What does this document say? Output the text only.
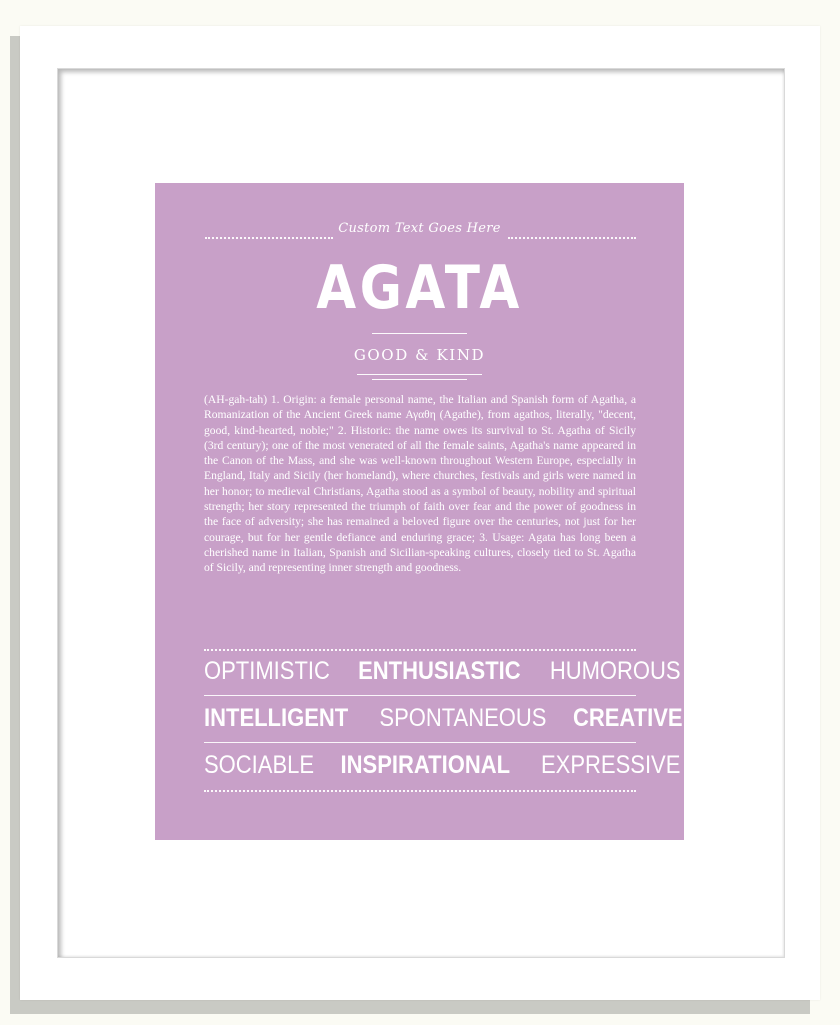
Custom Text Goes Here
AGATA
GOOD & KIND

(AH-gah-tah) 1. Origin: a female personal name, the Italian and Spanish form of Agatha, a Romanization of the Ancient Greek name Αγαθη (Agathe), from agathos, literally, "decent, good, kind-hearted, noble;" 2. Historic: the name owes its survival to St. Agatha of Sicily (3rd century); one of the most venerated of all the female saints, Agatha's name appeared in the Canon of the Mass, and she was well-known throughout Western Europe, especially in England, Italy and Sicily (her homeland), where churches, festivals and girls were named in her honor; to medieval Christians, Agatha stood as a symbol of beauty, nobility and spiritual strength; her story represented the triumph of faith over fear and the power of goodness in the face of adversity; she has remained a beloved figure over the centuries, not just for her courage, but for her gentle defiance and enduring grace; 3. Usage: Agata has long been a cherished name in Italian, Spanish and Sicilian-speaking cultures, closely tied to St. Agatha of Sicily, and representing inner strength and goodness.

OPTIMISTIC ENTHUSIASTIC HUMOROUS
INTELLIGENT SPONTANEOUS CREATIVE
SOCIABLE INSPIRATIONAL EXPRESSIVE
